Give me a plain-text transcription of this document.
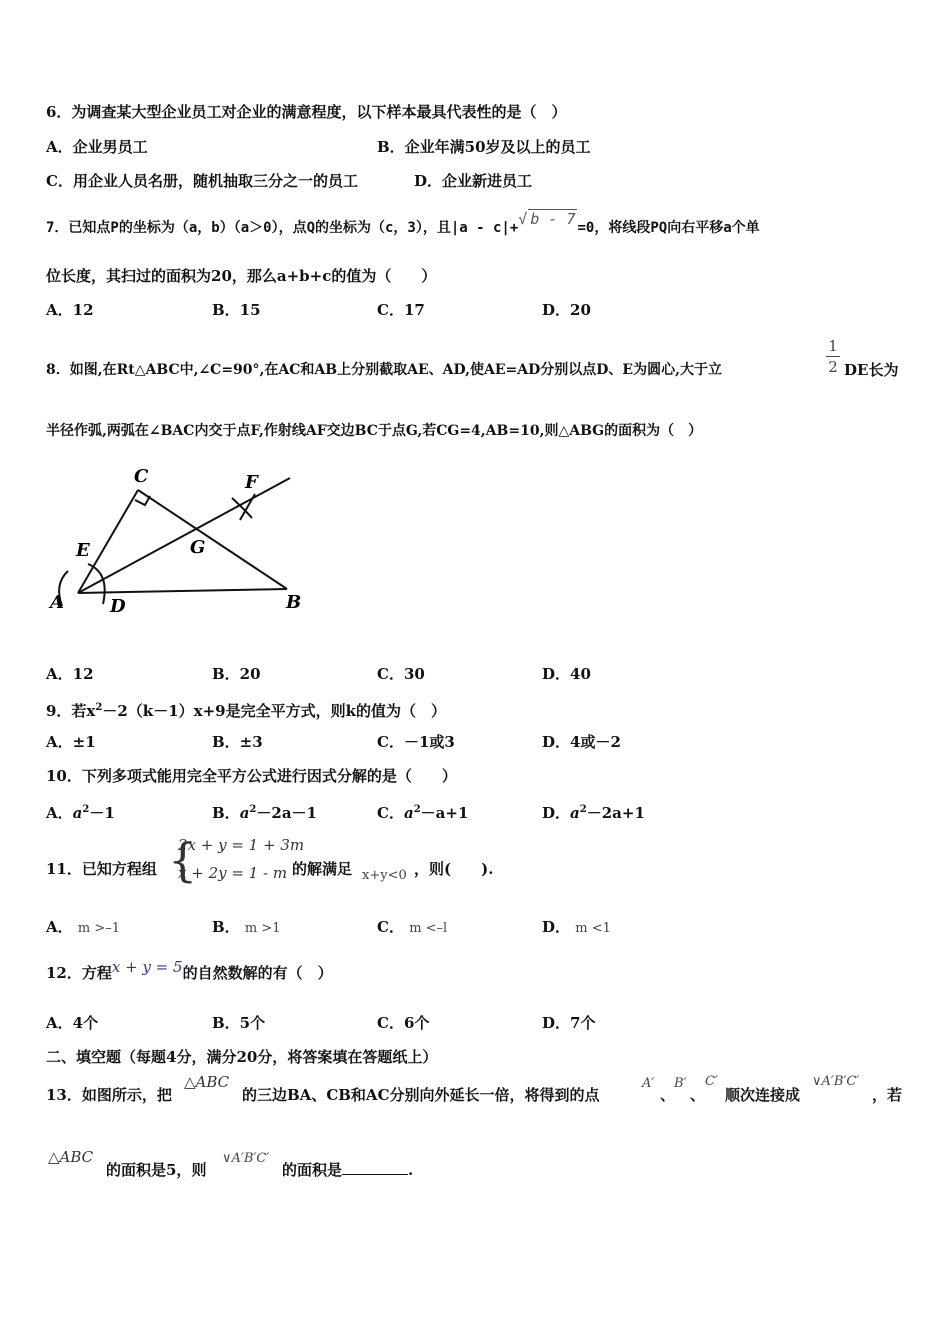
6．为调查某大型企业员工对企业的满意程度，以下样本最具代表性的是（　）
A．企业男员工	B．企业年满50岁及以上的员工
C．用企业人员名册，随机抽取三分之一的员工	D．企业新进员工
7．已知点P的坐标为（a，b）（a＞0），点Q的坐标为（c，3），且|a - c|+√ b - 7 =0，将线段PQ向右平移a个单
位长度，其扫过的面积为20，那么a+b+c的值为（　　）
A．12	B．15	C．17	D．20
8．如图,在Rt△ABC中,∠C=90°,在AC和AB上分别截取AE、AD,使AE=AD分别以点D、E为圆心,大于立
1
2 DE长为
半径作弧,两弧在∠BAC内交于点F,作射线AF交边BC于点G,若CG=4,AB=10,则△ABG的面积为（　）
C	F
E	G
A	D	B
A．12	B．20	C．30	D．40
9．若$x^2-2(k-1)x+9$是完全平方式，则k的值为（　）
A．±1	B．±3	C．－1或3	D．4或－2
10．下列多项式能用完全平方公式进行因式分解的是（　　）
A．$a^2-1$	B．$a^2-2a-1$	C．$a^2-a+1$	D．$a^2-2a+1$
11．已知方程组 {
2x + y = 1 + 3m
x + 2y = 1 - m 的解满足 x+y<0 ，则(　　).
A． m >–1	B． m >1	C． m <–l	D． m <1
12．方程x + y = 5的自然数解的有（　）
A．4个	B．5个	C．6个	D．7个
二、填空题（每题4分，满分20分，将答案填在答题纸上）
13．如图所示，把
△ABC
的三边BA、CB和AC分别向外延长一倍，将得到的点
A′
、
B′
、
C′
顺次连接成
∨A′B′C′
，若
△ABC
的面积是5，则
∨A′B′C′
的面积是	.
